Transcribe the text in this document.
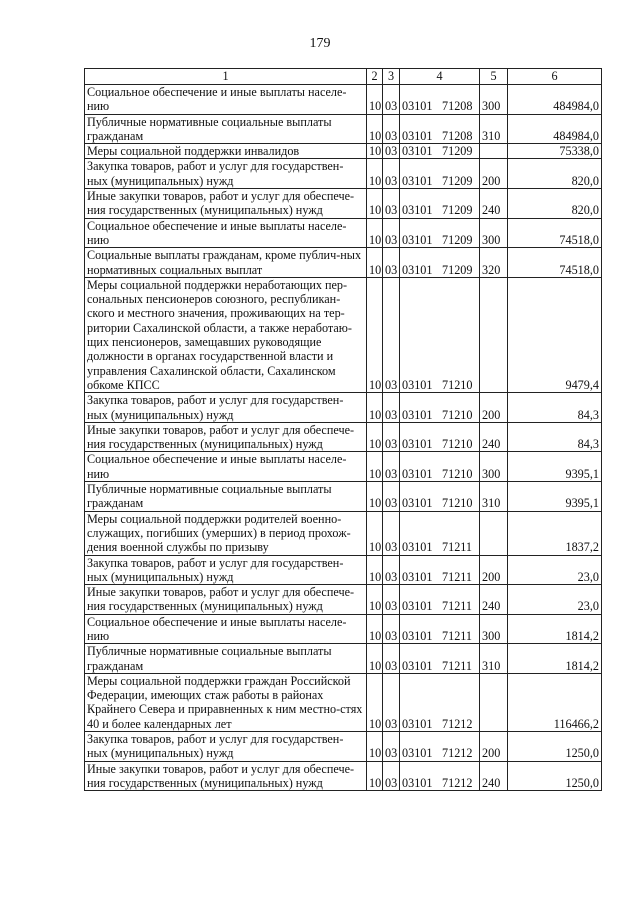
179
1	2	3	4	5	6
Социальное обеспечение и иные выплаты населе-нию	10	03	03101 71208	300	484984,0
Публичные нормативные социальные выплаты гражданам	10	03	03101 71208	310	484984,0
Меры социальной поддержки инвалидов	10	03	03101 71209		75338,0
Закупка товаров, работ и услуг для государствен-ных (муниципальных) нужд	10	03	03101 71209	200	820,0
Иные закупки товаров, работ и услуг для обеспече-ния государственных (муниципальных) нужд	10	03	03101 71209	240	820,0
Социальное обеспечение и иные выплаты населе-нию	10	03	03101 71209	300	74518,0
Социальные выплаты гражданам, кроме публич-ных нормативных социальных выплат	10	03	03101 71209	320	74518,0
Меры социальной поддержки неработающих пер-сональных пенсионеров союзного, республикан-ского и местного значения, проживающих на тер-ритории Сахалинской области, а также неработаю-щих пенсионеров, замещавших руководящие должности в органах государственной власти и управления Сахалинской области, Сахалинском обкоме КПСС	10	03	03101 71210		9479,4
Закупка товаров, работ и услуг для государствен-ных (муниципальных) нужд	10	03	03101 71210	200	84,3
Иные закупки товаров, работ и услуг для обеспече-ния государственных (муниципальных) нужд	10	03	03101 71210	240	84,3
Социальное обеспечение и иные выплаты населе-нию	10	03	03101 71210	300	9395,1
Публичные нормативные социальные выплаты гражданам	10	03	03101 71210	310	9395,1
Меры социальной поддержки родителей военно-служащих, погибших (умерших) в период прохож-дения военной службы по призыву	10	03	03101 71211		1837,2
Закупка товаров, работ и услуг для государствен-ных (муниципальных) нужд	10	03	03101 71211	200	23,0
Иные закупки товаров, работ и услуг для обеспече-ния государственных (муниципальных) нужд	10	03	03101 71211	240	23,0
Социальное обеспечение и иные выплаты населе-нию	10	03	03101 71211	300	1814,2
Публичные нормативные социальные выплаты гражданам	10	03	03101 71211	310	1814,2
Меры социальной поддержки граждан Российской Федерации, имеющих стаж работы в районах Крайнего Севера и приравненных к ним местно-стях 40 и более календарных лет	10	03	03101 71212		116466,2
Закупка товаров, работ и услуг для государствен-ных (муниципальных) нужд	10	03	03101 71212	200	1250,0
Иные закупки товаров, работ и услуг для обеспече-ния государственных (муниципальных) нужд	10	03	03101 71212	240	1250,0
